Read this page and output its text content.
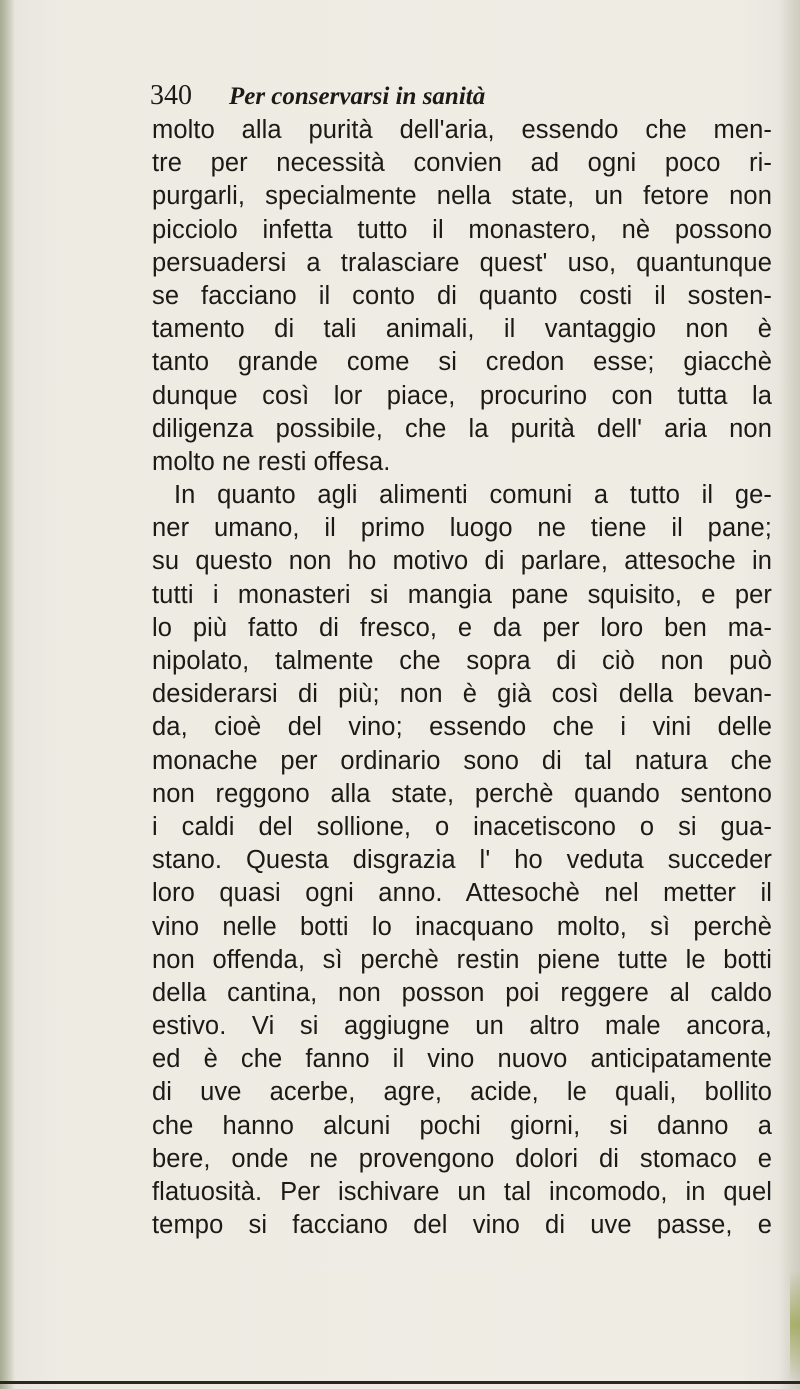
340 Per conservarsi in sanità
molto alla purità dell'aria, essendo che men-
tre per necessità convien ad ogni poco ri-
purgarli, specialmente nella state, un fetore non
picciolo infetta tutto il monastero, nè possono
persuadersi a tralasciare quest' uso, quantunque
se facciano il conto di quanto costi il sosten-
tamento di tali animali, il vantaggio non è
tanto grande come si credon esse; giacchè
dunque così lor piace, procurino con tutta la
diligenza possibile, che la purità dell' aria non
molto ne resti offesa.
In quanto agli alimenti comuni a tutto il ge-
ner umano, il primo luogo ne tiene il pane;
su questo non ho motivo di parlare, attesoche in
tutti i monasteri si mangia pane squisito, e per
lo più fatto di fresco, e da per loro ben ma-
nipolato, talmente che sopra di ciò non può
desiderarsi di più; non è già così della bevan-
da, cioè del vino; essendo che i vini delle
monache per ordinario sono di tal natura che
non reggono alla state, perchè quando sentono
i caldi del sollione, o inacetiscono o si gua-
stano. Questa disgrazia l' ho veduta succeder
loro quasi ogni anno. Attesochè nel metter il
vino nelle botti lo inacquano molto, sì perchè
non offenda, sì perchè restin piene tutte le botti
della cantina, non posson poi reggere al caldo
estivo. Vi si aggiugne un altro male ancora,
ed è che fanno il vino nuovo anticipatamente
di uve acerbe, agre, acide, le quali, bollito
che hanno alcuni pochi giorni, si danno a
bere, onde ne provengono dolori di stomaco e
flatuosità. Per ischivare un tal incomodo, in quel
tempo si facciano del vino di uve passe, e
